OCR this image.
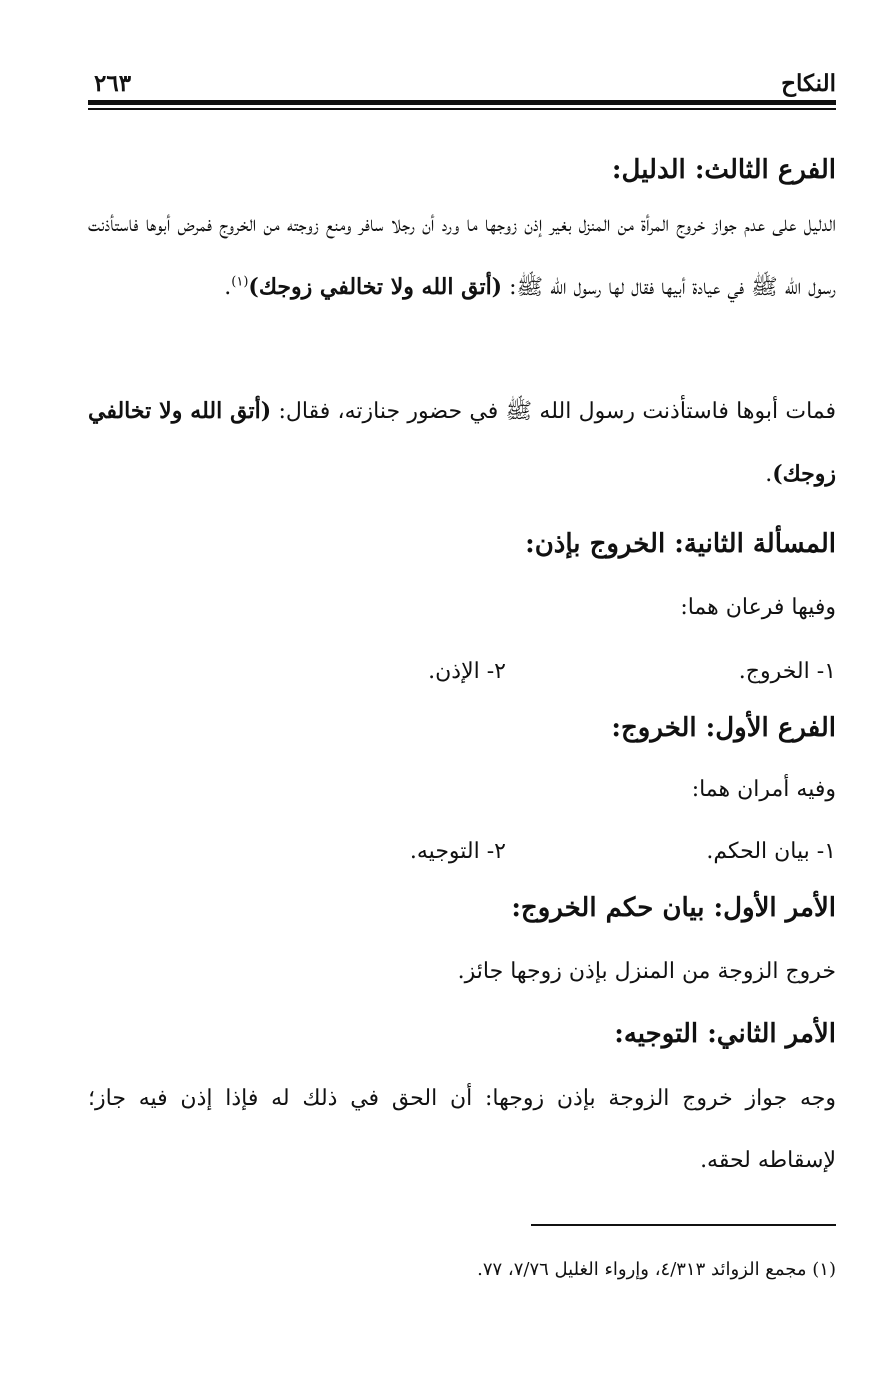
النكاح
٢٦٣
الفرع الثالث: الدليل:

الدليل على عدم جواز خروج المرأة من المنزل بغير إذن زوجها ما ورد أن رجلا سافر ومنع زوجته من الخروج فمرض أبوها فاستأذنت رسول الله ﷺ في عيادة أبيها فقال لها رسول الله ﷺ: (أتق الله ولا تخالفي زوجك)$^{(١)}$.

فمات أبوها فاستأذنت رسول الله ﷺ في حضور جنازته، فقال: (أتق الله ولا تخالفي زوجك).

المسألة الثانية: الخروج بإذن:

وفيها فرعان هما:

١- الخروج.
٢- الإذن.
الفرع الأول: الخروج:

وفيه أمران هما:

١- بيان الحكم.
٢- التوجيه.
الأمر الأول: بيان حكم الخروج:

خروج الزوجة من المنزل بإذن زوجها جائز.

الأمر الثاني: التوجيه:

وجه جواز خروج الزوجة بإذن زوجها: أن الحق في ذلك له فإذا إذن فيه جاز؛ لإسقاطه لحقه.

(١) مجمع الزوائد ٤/٣١٣، وإرواء الغليل ٧/٧٦، ٧٧.
